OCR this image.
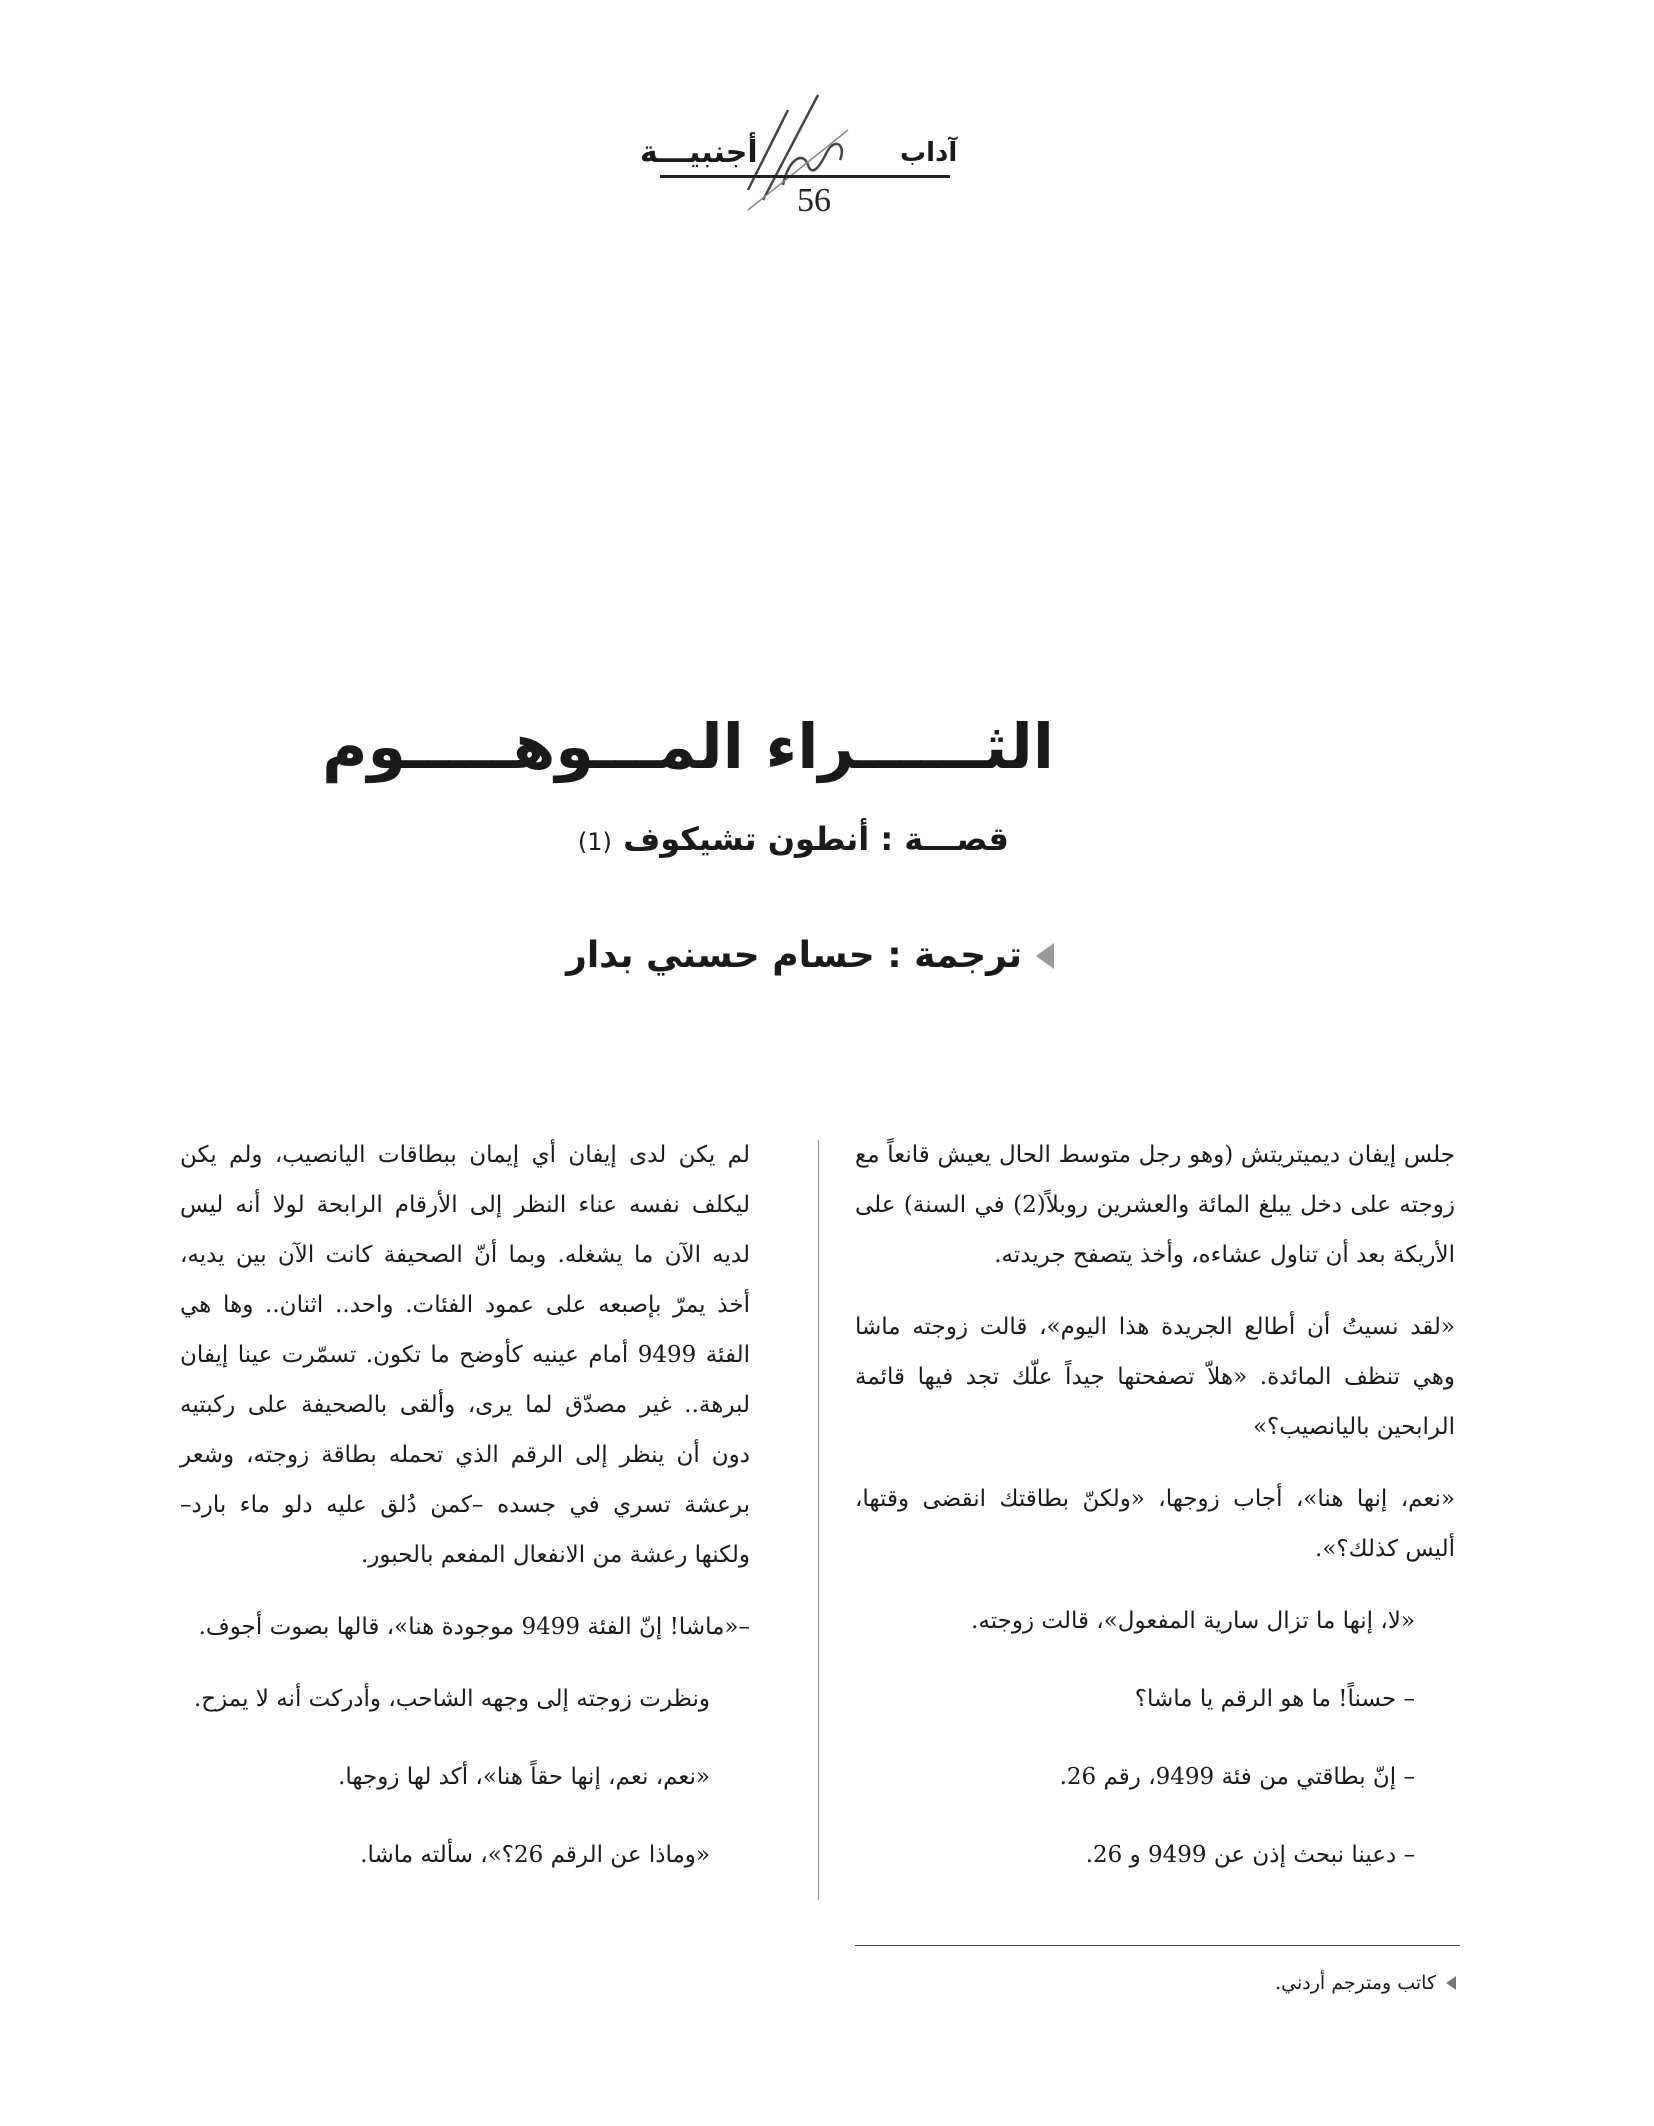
أجنبيـــة	آداب
56
الثــــــراء المـــوهـــــوم
قصـــة : أنطون تشيكوف (1)
ترجمة : حسام حسني بدار

جلس إيفان ديميتريتش (وهو رجل متوسط الحال يعيش قانعاً مع زوجته على دخل يبلغ المائة والعشرين روبلاً(2) في السنة) على الأريكة بعد أن تناول عشاءه، وأخذ يتصفح جريدته.

«لقد نسيتُ أن أطالع الجريدة هذا اليوم»، قالت زوجته ماشا وهي تنظف المائدة. «هلاّ تصفحتها جيداً علّك تجد فيها قائمة الرابحين باليانصيب؟»

«نعم، إنها هنا»، أجاب زوجها، «ولكنّ بطاقتك انقضى وقتها، أليس كذلك؟».

«لا، إنها ما تزال سارية المفعول»، قالت زوجته.

– حسناً! ما هو الرقم يا ماشا؟

– إنّ بطاقتي من فئة 9499، رقم 26.

– دعينا نبحث إذن عن 9499 و 26.

لم يكن لدى إيفان أي إيمان ببطاقات اليانصيب، ولم يكن ليكلف نفسه عناء النظر إلى الأرقام الرابحة لولا أنه ليس لديه الآن ما يشغله. وبما أنّ الصحيفة كانت الآن بين يديه، أخذ يمرّ بإصبعه على عمود الفئات. واحد.. اثنان.. وها هي الفئة 9499 أمام عينيه كأوضح ما تكون. تسمّرت عينا إيفان لبرهة.. غير مصدّق لما يرى، وألقى بالصحيفة على ركبتيه دون أن ينظر إلى الرقم الذي تحمله بطاقة زوجته، وشعر برعشة تسري في جسده –كمن دُلق عليه دلو ماء بارد– ولكنها رعشة من الانفعال المفعم بالحبور.

–«ماشا! إنّ الفئة 9499 موجودة هنا»، قالها بصوت أجوف.

ونظرت زوجته إلى وجهه الشاحب، وأدركت أنه لا يمزح.

«نعم، نعم، إنها حقاً هنا»، أكد لها زوجها.

«وماذا عن الرقم 26؟»، سألته ماشا.

كاتب ومترجم أردني.
